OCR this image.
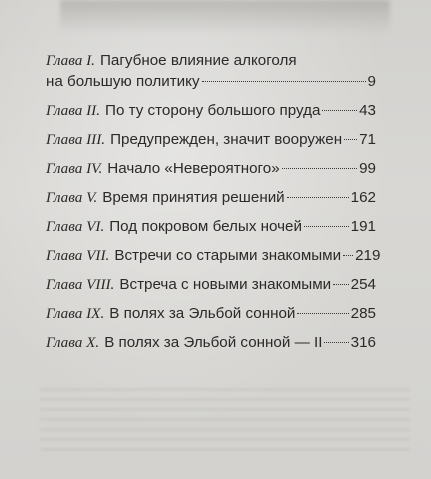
Глава I. Пагубное влияние алкоголя
на большую политику	9
Глава II. По ту сторону большого пруда	43
Глава III. Предупрежден, значит вооружен 71
Глава IV. Начало «Невероятного»	99
Глава V. Время принятия решений	162
Глава VI. Под покровом белых ночей	191
Глава VII. Встречи со старыми знакомыми 219
Глава VIII. Встреча с новыми знакомыми 254
Глава IX. В полях за Эльбой сонной	285
Глава X. В полях за Эльбой сонной — II 316
